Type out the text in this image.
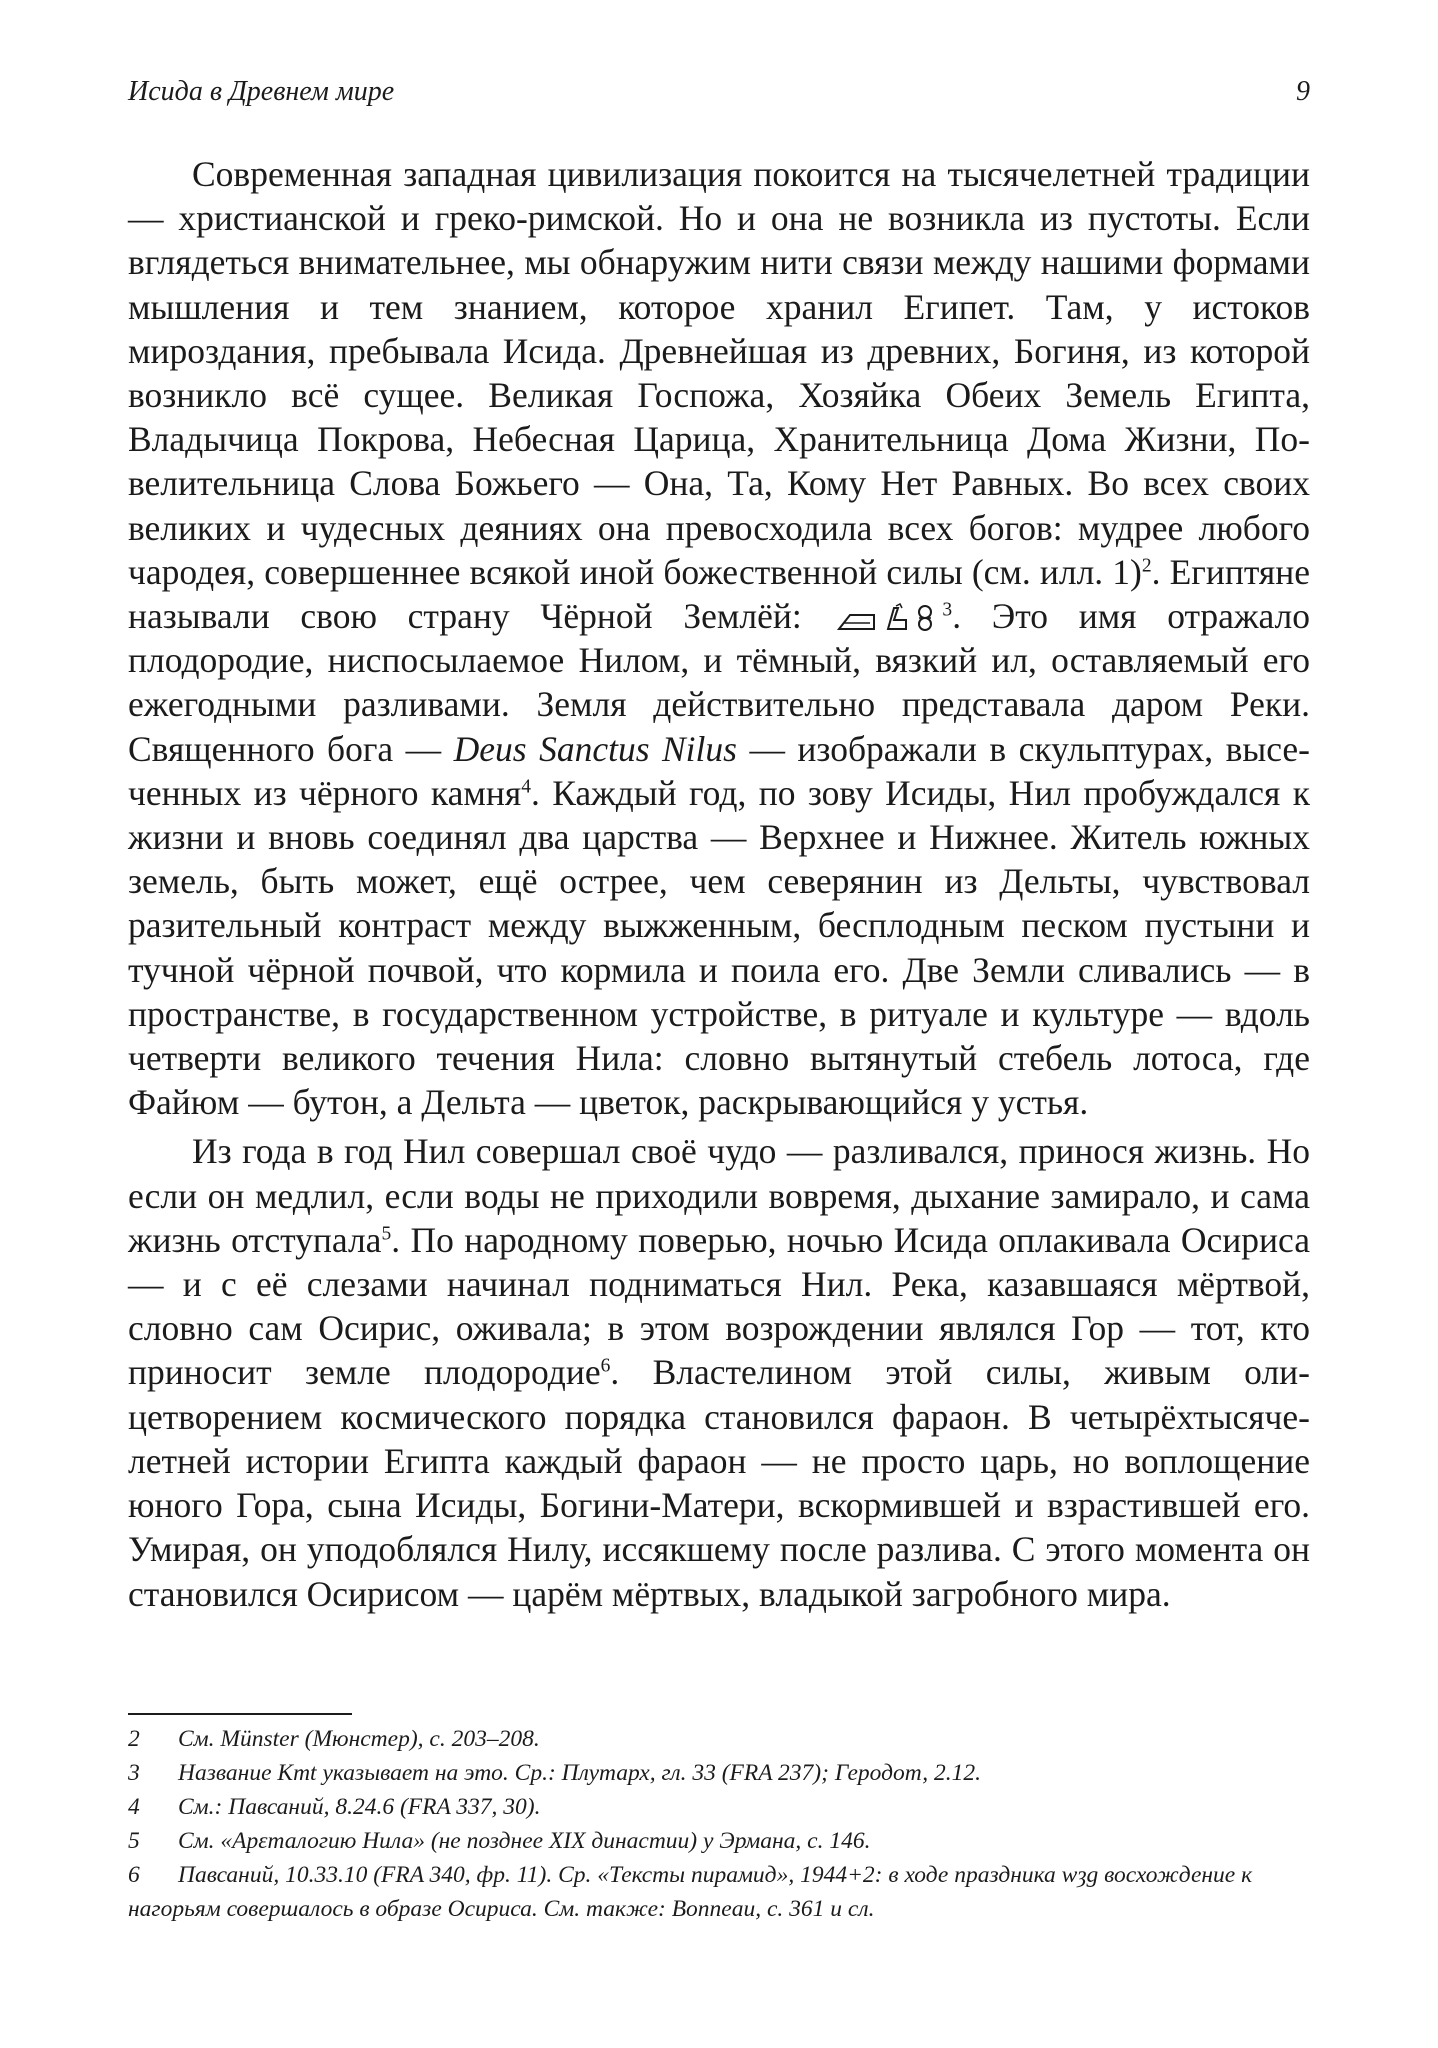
Исида в Древнем мире	9

Современная западная цивилизация покоится на тысячелетней традиции — христианской и греко-римской. Но и она не возникла из пустоты. Если вглядеться внимательнее, мы обнаружим нити связи между нашими формами мышления и тем знанием, которое хранил Египет. Там, у истоков мироздания, пребывала Исида. Древнейшая из древних, Богиня, из которой возникло всё сущее. Великая Госпожа, Хозяйка Обеих Земель Египта, Владычица Покрова, Небесная Царица, Хранительница Дома Жизни, Повелительница Слова Божьего — Она, Та, Кому Нет Равных. Во всех своих великих и чудесных деяниях она превосходила всех богов: мудрее любого чародея, совершеннее всякой иной божественной силы (см. илл. 1)$^2$. Египтяне называли свою страну Чёрной Землёй:	$^3$. Это имя отражало плодородие, ниспосылаемое Нилом, и тёмный, вязкий ил, оставляемый его ежегодными разливами. Земля действительно представала даром Реки. Священного бога — Deus Sanctus Nilus — изображали в скульптурах, высеченных из чёрного камня$^4$. Каждый год, по зову Исиды, Нил пробуждался к жизни и вновь соединял два царства — Верхнее и Нижнее. Житель южных земель, быть может, ещё острее, чем северянин из Дельты, чувствовал разительный контраст между выжженным, бесплодным песком пустыни и тучной чёрной почвой, что кормила и поила его. Две Земли сливались — в пространстве, в государственном устройстве, в ритуале и культуре — вдоль четверти великого течения Нила: словно вытянутый стебель лотоса, где Файюм — бутон, а Дельта — цветок, раскрывающийся у устья.

Из года в год Нил совершал своё чудо — разливался, принося жизнь. Но если он медлил, если воды не приходили вовремя, дыхание замирало, и сама жизнь отступала$^5$. По народному поверью, ночью Исида оплакивала Осириса — и с её слезами начинал подниматься Нил. Река, казавшаяся мёртвой, словно сам Осирис, оживала; в этом возрождении являлся Гор — тот, кто приносит земле плодородие$^6$. Властелином этой силы, живым олицетворением космического порядка становился фараон. В четырёхтысячелетней истории Египта каждый фараон — не просто царь, но воплощение юного Гора, сына Исиды, Богини-Матери, вскормившей и взрастившей его. Умирая, он уподоблялся Нилу, иссякшему после разлива. С этого момента он становился Осирисом — царём мёртвых, владыкой загробного мира.

2 См. Münster (Мюнстер), с. 203–208.

3 Название Kmt указывает на это. Ср.: Плутарх, гл. 33 (FRA 237); Геродот, 2.12.

4 См.: Павсаний, 8.24.6 (FRA 337, 30).

5 См. «Арεталогию Нила» (не позднее XIX династии) у Эрмана, с. 146.

6 Павсаний, 10.33.10 (FRA 340, фр. 11). Ср. «Тексты пирамид», 1944+2: в ходе праздника wȝg восхождение к нагорьям совершалось в образе Осириса. См. также: Bonneau, с. 361 и сл.
